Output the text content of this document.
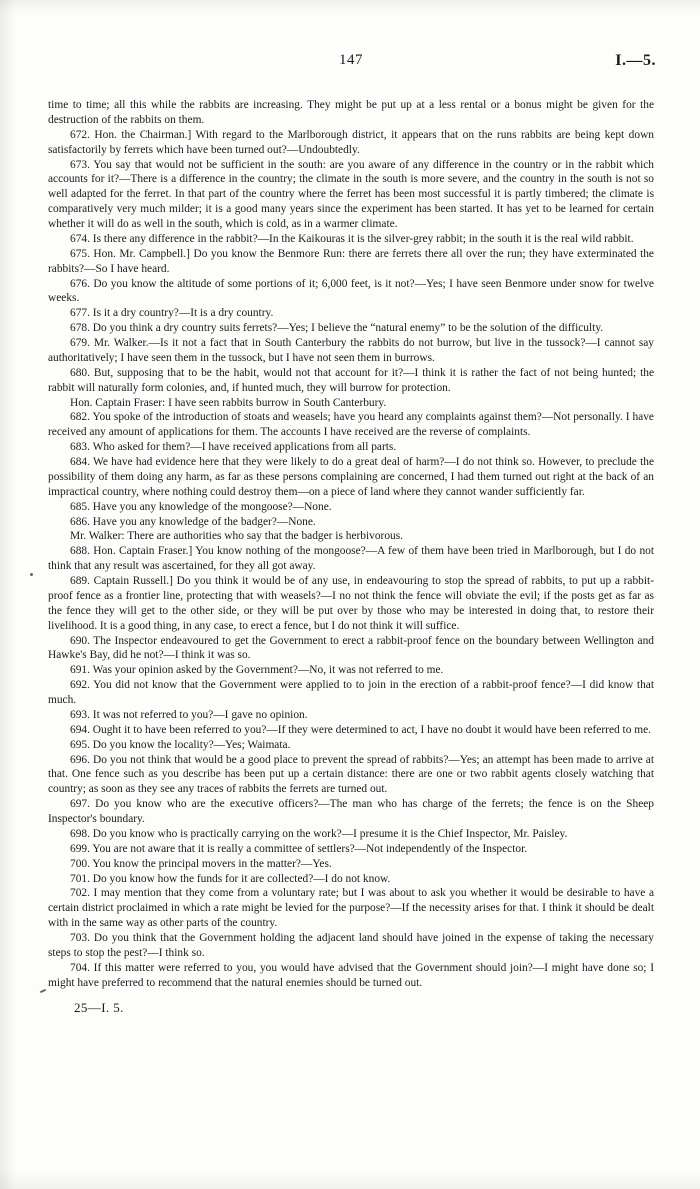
147	I.—5.

time to time; all this while the rabbits are increasing. They might be put up at a less rental or a bonus might be given for the destruction of the rabbits on them.

672. Hon. the Chairman.] With regard to the Marlborough district, it appears that on the runs rabbits are being kept down satisfactorily by ferrets which have been turned out?—Undoubtedly.

673. You say that would not be sufficient in the south: are you aware of any difference in the country or in the rabbit which accounts for it?—There is a difference in the country; the climate in the south is more severe, and the country in the south is not so well adapted for the ferret. In that part of the country where the ferret has been most successful it is partly timbered; the climate is comparatively very much milder; it is a good many years since the experiment has been started. It has yet to be learned for certain whether it will do as well in the south, which is cold, as in a warmer climate.

674. Is there any difference in the rabbit?—In the Kaikouras it is the silver-grey rabbit; in the south it is the real wild rabbit.

675. Hon. Mr. Campbell.] Do you know the Benmore Run: there are ferrets there all over the run; they have exterminated the rabbits?—So I have heard.

676. Do you know the altitude of some portions of it; 6,000 feet, is it not?—Yes; I have seen Benmore under snow for twelve weeks.

677. Is it a dry country?—It is a dry country.

678. Do you think a dry country suits ferrets?—Yes; I believe the “natural enemy” to be the solution of the difficulty.

679. Mr. Walker.—Is it not a fact that in South Canterbury the rabbits do not burrow, but live in the tussock?—I cannot say authoritatively; I have seen them in the tussock, but I have not seen them in burrows.

680. But, supposing that to be the habit, would not that account for it?—I think it is rather the fact of not being hunted; the rabbit will naturally form colonies, and, if hunted much, they will burrow for protection.

Hon. Captain Fraser: I have seen rabbits burrow in South Canterbury.

682. You spoke of the introduction of stoats and weasels; have you heard any complaints against them?—Not personally. I have received any amount of applications for them. The accounts I have received are the reverse of complaints.

683. Who asked for them?—I have received applications from all parts.

684. We have had evidence here that they were likely to do a great deal of harm?—I do not think so. However, to preclude the possibility of them doing any harm, as far as these persons complaining are concerned, I had them turned out right at the back of an impractical country, where nothing could destroy them—on a piece of land where they cannot wander sufficiently far.

685. Have you any knowledge of the mongoose?—None.

686. Have you any knowledge of the badger?—None.

Mr. Walker: There are authorities who say that the badger is herbivorous.

688. Hon. Captain Fraser.] You know nothing of the mongoose?—A few of them have been tried in Marlborough, but I do not think that any result was ascertained, for they all got away.

689. Captain Russell.] Do you think it would be of any use, in endeavouring to stop the spread of rabbits, to put up a rabbit-proof fence as a frontier line, protecting that with weasels?—I no not think the fence will obviate the evil; if the posts get as far as the fence they will get to the other side, or they will be put over by those who may be interested in doing that, to restore their livelihood. It is a good thing, in any case, to erect a fence, but I do not think it will suffice.

690. The Inspector endeavoured to get the Government to erect a rabbit-proof fence on the boundary between Wellington and Hawke's Bay, did he not?—I think it was so.

691. Was your opinion asked by the Government?—No, it was not referred to me.

692. You did not know that the Government were applied to to join in the erection of a rabbit-proof fence?—I did know that much.

693. It was not referred to you?—I gave no opinion.

694. Ought it to have been referred to you?—If they were determined to act, I have no doubt it would have been referred to me.

695. Do you know the locality?—Yes; Waimata.

696. Do you not think that would be a good place to prevent the spread of rabbits?—Yes; an attempt has been made to arrive at that. One fence such as you describe has been put up a certain distance: there are one or two rabbit agents closely watching that country; as soon as they see any traces of rabbits the ferrets are turned out.

697. Do you know who are the executive officers?—The man who has charge of the ferrets; the fence is on the Sheep Inspector's boundary.

698. Do you know who is practically carrying on the work?—I presume it is the Chief Inspector, Mr. Paisley.

699. You are not aware that it is really a committee of settlers?—Not independently of the Inspector.

700. You know the principal movers in the matter?—Yes.

701. Do you know how the funds for it are collected?—I do not know.

702. I may mention that they come from a voluntary rate; but I was about to ask you whether it would be desirable to have a certain district proclaimed in which a rate might be levied for the purpose?—If the necessity arises for that. I think it should be dealt with in the same way as other parts of the country.

703. Do you think that the Government holding the adjacent land should have joined in the expense of taking the necessary steps to stop the pest?—I think so.

704. If this matter were referred to you, you would have advised that the Government should join?—I might have done so; I might have preferred to recommend that the natural enemies should be turned out.

25—I. 5.
